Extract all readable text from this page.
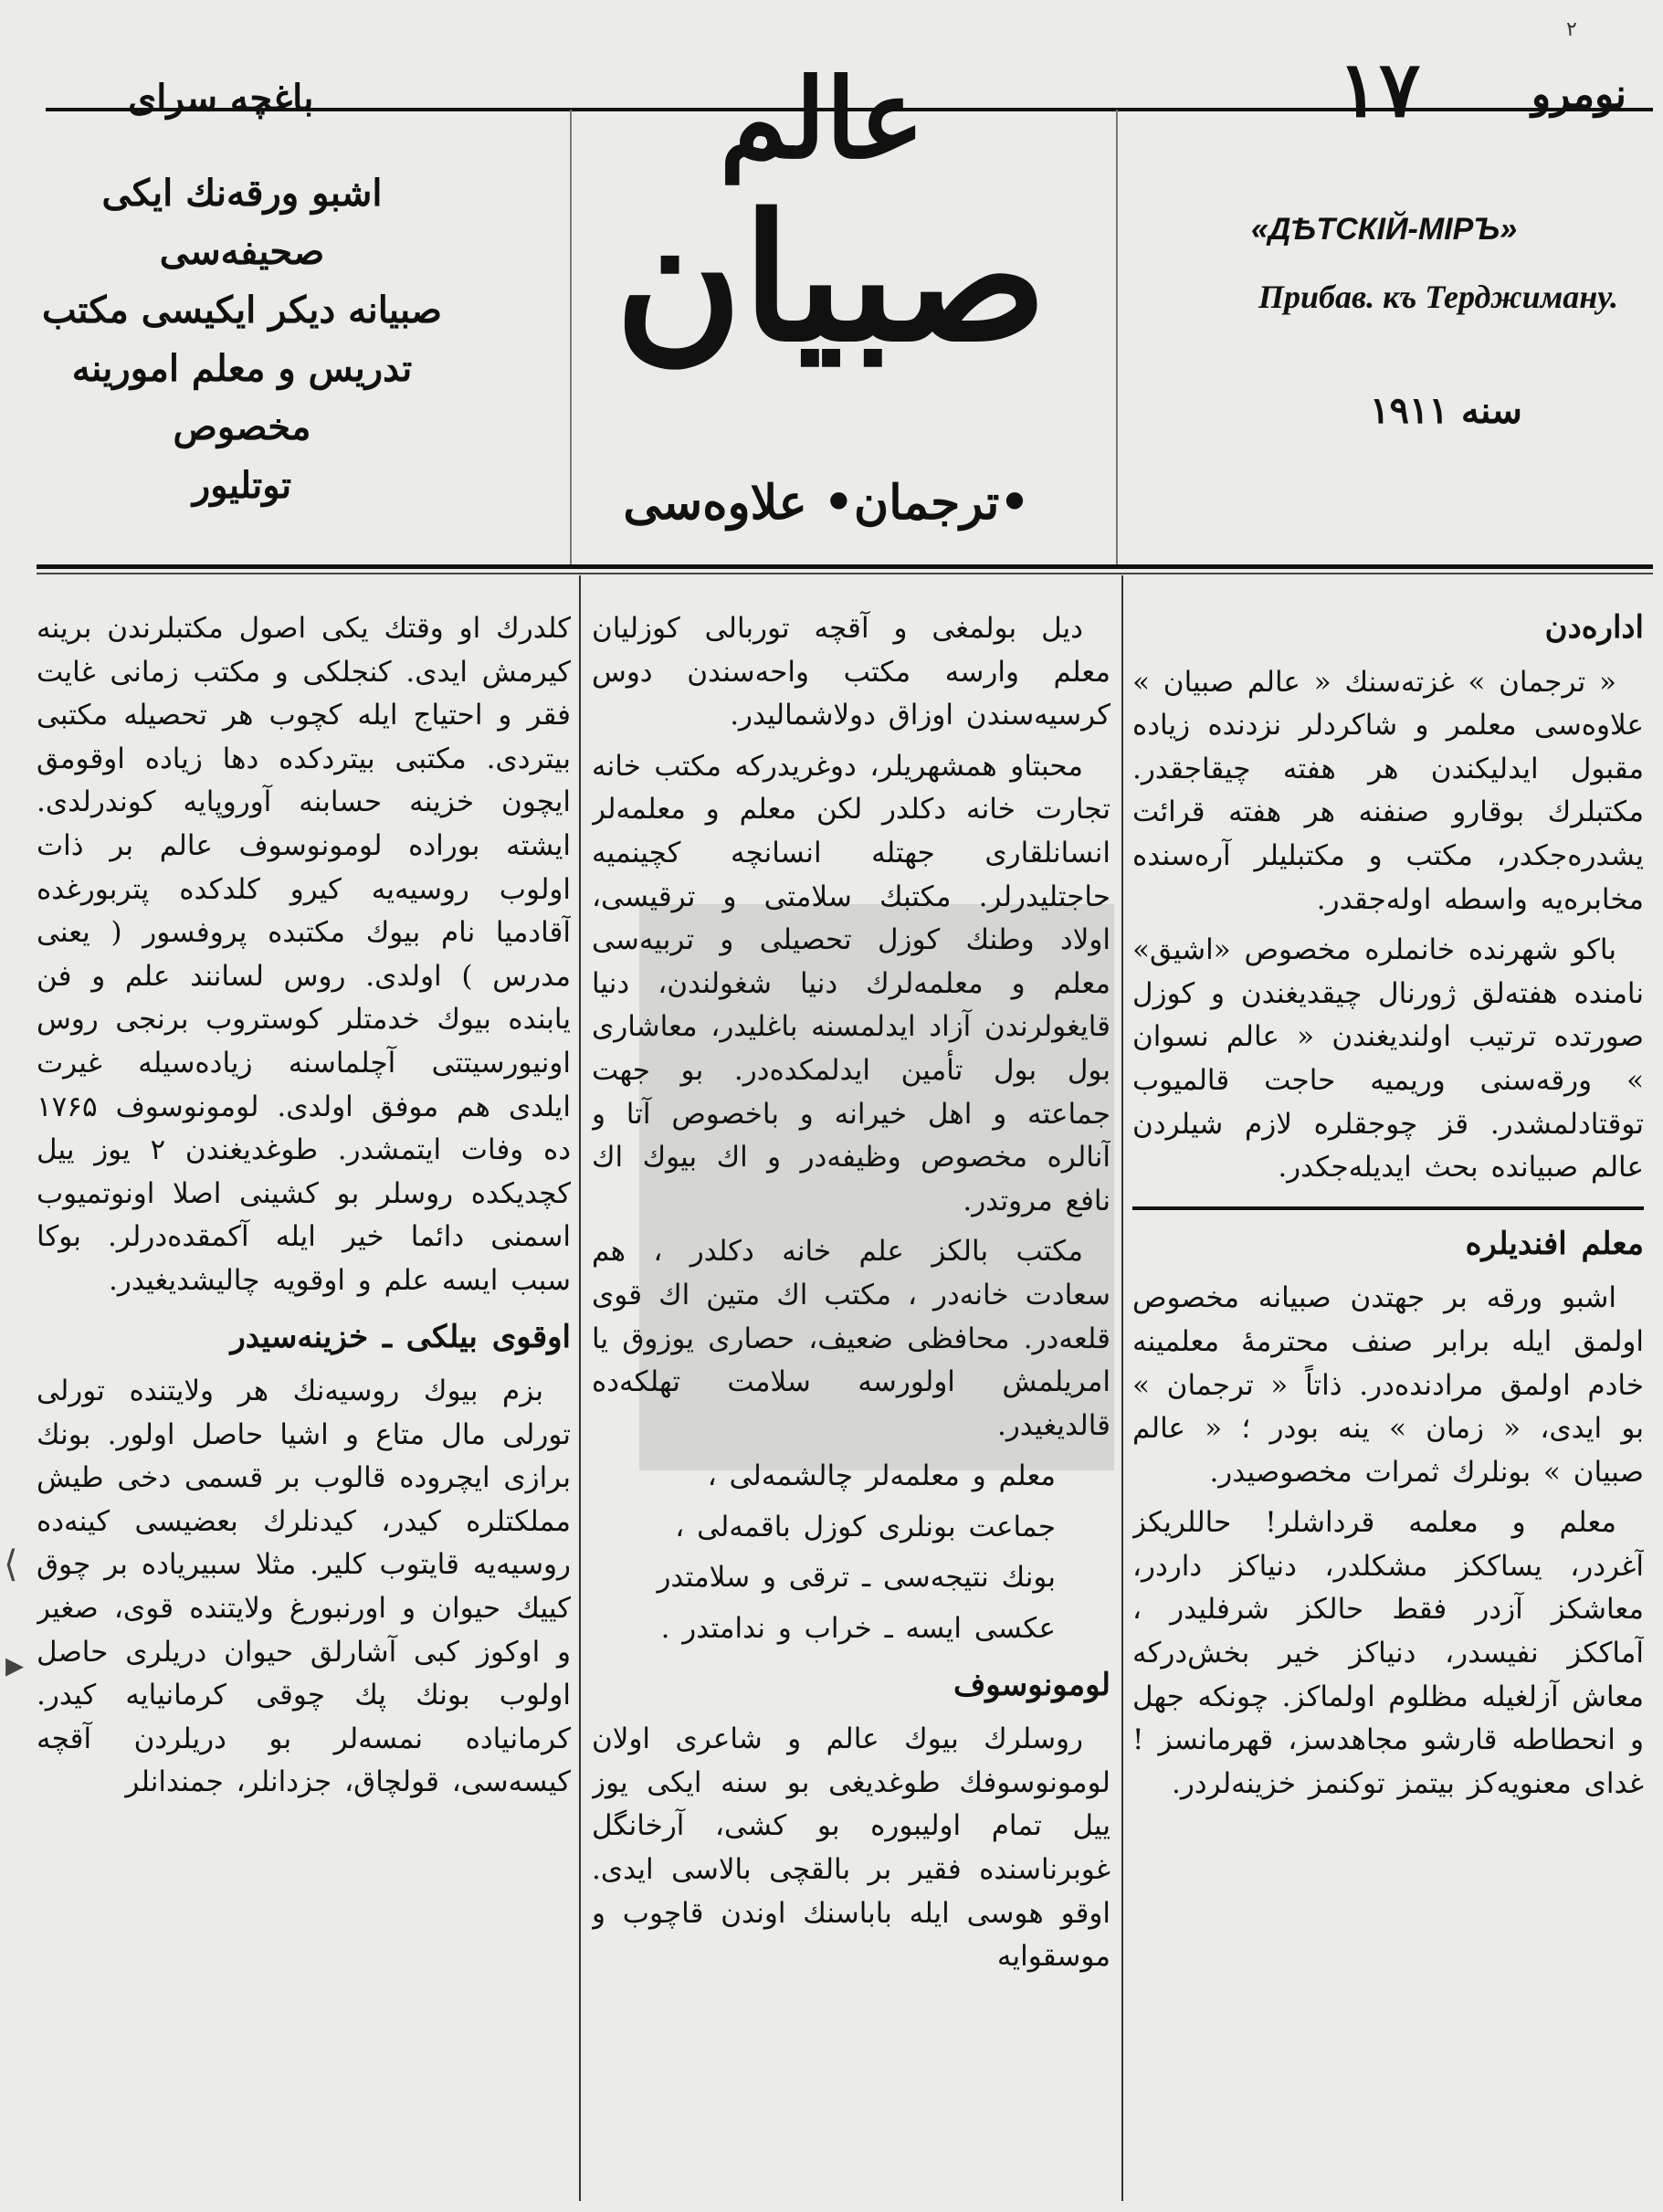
باغچه سرای	نومرو
۱۷
۲
اشبو ورقه‌نك ایكی صحیفه‌سی
صبیانه دیكر ایكیسی مكتب
تدریس و معلم امورینه مخصوص
توتلیور
عالم
صبیان
•ترجمان• علاوه‌سی
«ДѢТСКІЙ-МІРЪ»
Прибав. къ Терджиману.
سنه ۱۹۱۱
اداره‌دن

« ترجمان » غزته‌سنك « عالم صبیان » علاوه‌سی معلمر و شاكردلر نزدنده زیاده مقبول ایدلیكندن هر هفته چیقاجقدر. مكتبلرك بوقارو صنفنه هر هفته قرائت یشدره‌جكدر، مكتب و مكتبلیلر آره‌سنده مخابره‌یه واسطه اوله‌جقدر.

باكو شهرنده خانملره مخصوص «اشیق» نامنده هفته‌لق ژورنال چیقدیغندن و كوزل صورتده ترتیب اولندیغندن « عالم نسوان » ورقه‌سنی وریمیه حاجت قالمیوب توقتادلمشدر. قز چوجقلره لازم شیلردن عالم صبیانده بحث ایدیله‌جكدر.

معلم افندیلره

اشبو ورقه بر جهتدن صبیانه مخصوص اولمق ایله برابر صنف محترمهٔ معلمینه خادم اولمق مرادنده‌در. ذاتاً « ترجمان » بو ایدی، « زمان » ینه بودر ؛ « عالم صبیان » بونلرك ثمرات مخصوصیدر.

معلم و معلمه قرداشلر! حاللریكز آغردر، یساككز مشكلدر، دنیاكز داردر، معاشكز آزدر فقط حالكز شرفلیدر ، آماككز نفیسدر، دنیاكز خیر بخش‌دركه معاش آزلغیله مظلوم اولماكز. چونكه جهل و انحطاطه قارشو مجاهدسز، قهرمانسز ! غدای معنویه‌كز بیتمز توكنمز خزینه‌لردر.

دیل بولمغی و آقچه توربالی كوزلیان معلم وارسه مكتب واحه‌سندن دوس كرسیه‌سندن اوزاق دولاشمالیدر.

محبتاو همشهریلر، دوغریدركه مكتب خانه تجارت خانه دكلدر لكن معلم و معلمه‌لر انسانلقاری جهتله انسانچه كچینمیه حاجتلیدرلر. مكتبك سلامتی و ترقیسی، اولاد وطنك كوزل تحصیلی و تربیه‌سی معلم و معلمه‌لرك دنیا شغولندن، دنیا قایغولرندن آزاد ایدلمسنه باغلیدر، معاشاری بول بول تأمین ایدلمكده‌در. بو جهت جماعته و اهل خیرانه و باخصوص آتا و آنالره مخصوص وظیفه‌در و اك بیوك اك نافع مروتدر.

مكتب بالكز علم خانه دكلدر ، هم سعادت خانه‌در ، مكتب اك متین اك قوی قلعه‌در. محافظی ضعیف، حصاری یوزوق یا امریلمش اولورسه سلامت تهلكه‌ده قالدیغیدر.

معلم و معلمه‌لر چالشمه‌لی ،

جماعت بونلری كوزل باقمه‌لی ،

بونك نتیجه‌سی ـ ترقی و سلامتدر

عكسی ایسه ـ خراب و ندامتدر .

لومونوسوف

روسلرك بیوك عالم و شاعری اولان لومونوسوفك طوغدیغی بو سنه ایكی یوز ییل تمام اولیبوره بو كشی، آرخانگل غوبرناسنده فقیر بر بالقچی بالاسی ایدی. اوقو هوسی ایله باباسنك اوندن قاچوب و موسقوایه

كلدرك او وقتك یكی اصول مكتبلرندن برینه كیرمش ایدی. كنجلكی و مكتب زمانی غایت فقر و احتیاج ایله كچوب هر تحصیله مكتبی بیتردی. مكتبی بیتردكده دها زیاده اوقومق ایچون خزینه حسابنه آوروپایه كوندرلدی. ایشته بوراده لومونوسوف عالم بر ذات اولوب روسیه‌یه كیرو كلدكده پتربورغده آقادمیا نام بیوك مكتبده پروفسور ( یعنی مدرس ) اولدی. روس لسانند علم و فن یابنده بیوك خدمتلر كوستروب برنجی روس اونیورسیتتی آچلماسنه زیاده‌سیله غیرت ایلدی هم موفق اولدی. لومونوسوف ۱۷۶۵ ده وفات ایتمشدر. طوغدیغندن ۲ یوز ییل كچدیكده روسلر بو كشینی اصلا اونوتمیوب اسمنی دائما خیر ایله آكمقده‌درلر. بوكا سبب ایسه علم و اوقویه چالیشدیغیدر.

اوقوی بیلكی ـ خزینه‌سیدر

بزم بیوك روسیه‌نك هر ولایتنده تورلی تورلی مال متاع و اشیا حاصل اولور. بونك برازی ایچروده قالوب بر قسمی دخی طیش مملكتلره كیدر، كیدنلرك بعضیسی كینه‌ده روسیه‌یه قایتوب كلیر. مثلا سبیریاده بر چوق كییك حیوان و اورنبورغ ولایتنده قوی، صغیر و اوكوز كبی آشارلق حیوان دریلری حاصل اولوب بونك پك چوقی كرمانیایه كیدر. كرمانیاده نمسه‌لر بو دریلردن آقچه كیسه‌سی، قولچاق، جزدانلر، جمندانلر

⟨
▸
